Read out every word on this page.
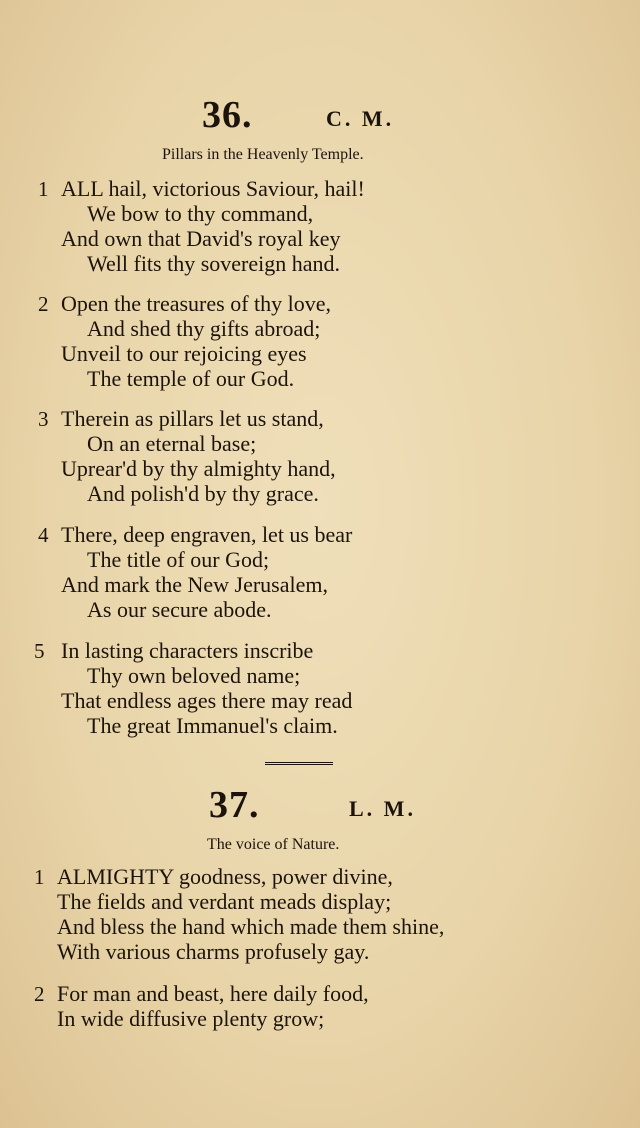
36.	C. M.
Pillars in the Heavenly Temple.
1 ALL hail, victorious Saviour, hail!
We bow to thy command,
And own that David's royal key
Well fits thy sovereign hand.
2 Open the treasures of thy love,
And shed thy gifts abroad;
Unveil to our rejoicing eyes
The temple of our God.
3 Therein as pillars let us stand,
On an eternal base;
Uprear'd by thy almighty hand,
And polish'd by thy grace.
4 There, deep engraven, let us bear
The title of our God;
And mark the New Jerusalem,
As our secure abode.
5 In lasting characters inscribe
Thy own beloved name;
That endless ages there may read
The great Immanuel's claim.
37.	L. M.
The voice of Nature.
1 ALMIGHTY goodness, power divine,
The fields and verdant meads display;
And bless the hand which made them shine,
With various charms profusely gay.
2 For man and beast, here daily food,
In wide diffusive plenty grow;
